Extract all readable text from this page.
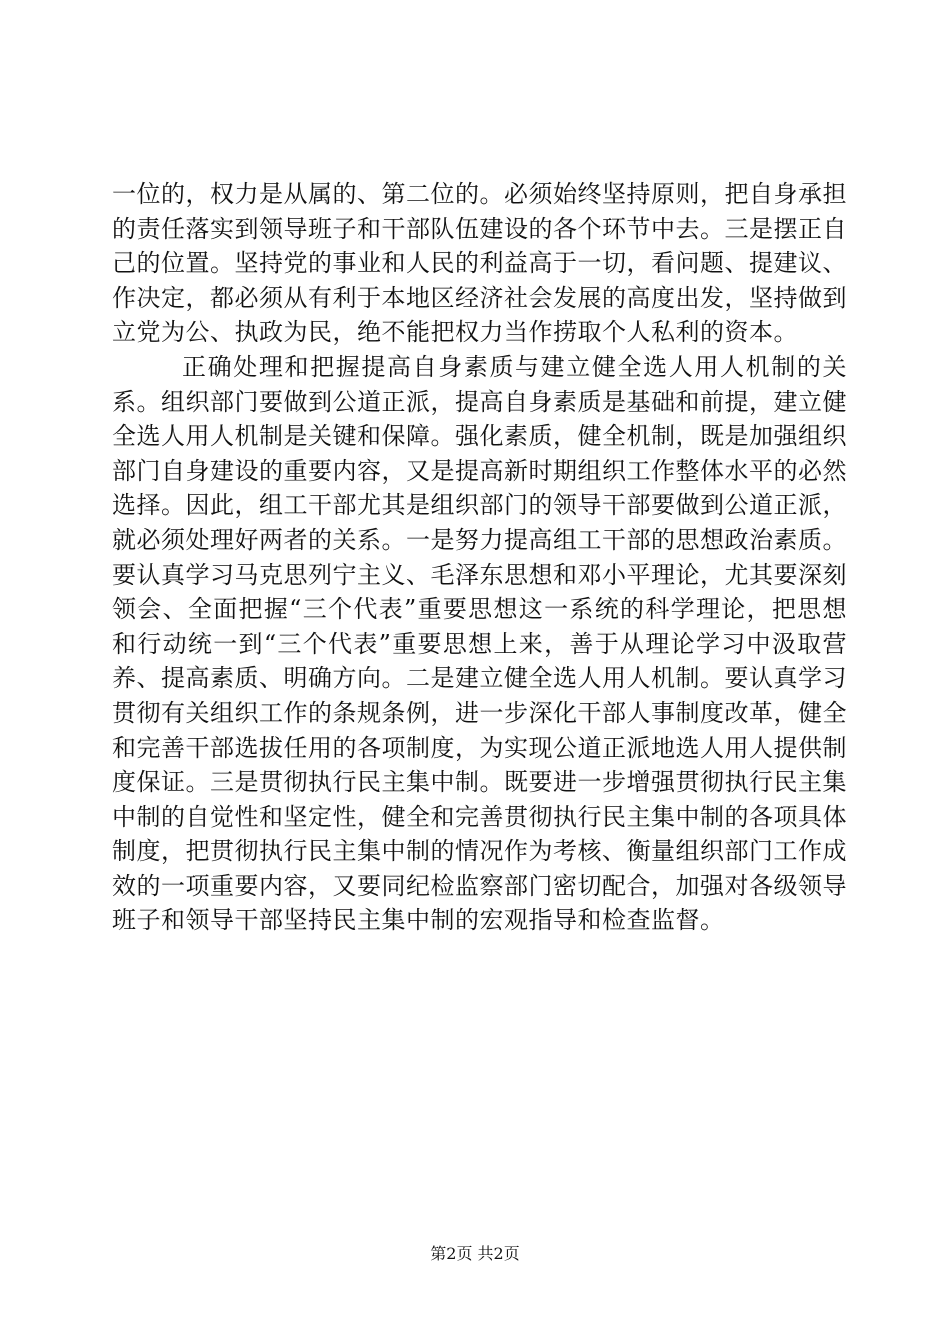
一位的，权力是从属的、第二位的。必须始终坚持原则，把自身承担的责任落实到领导班子和干部队伍建设的各个环节中去。三是摆正自己的位置。坚持党的事业和人民的利益高于一切，看问题、提建议、作决定，都必须从有利于本地区经济社会发展的高度出发，坚持做到立党为公、执政为民，绝不能把权力当作捞取个人私利的资本。

正确处理和把握提高自身素质与建立健全选人用人机制的关系。组织部门要做到公道正派，提高自身素质是基础和前提，建立健全选人用人机制是关键和保障。强化素质，健全机制，既是加强组织部门自身建设的重要内容，又是提高新时期组织工作整体水平的必然选择。因此，组工干部尤其是组织部门的领导干部要做到公道正派，就必须处理好两者的关系。一是努力提高组工干部的思想政治素质。要认真学习马克思列宁主义、毛泽东思想和邓小平理论，尤其要深刻领会、全面把握“三个代表”重要思想这一系统的科学理论，把思想和行动统一到“三个代表”重要思想上来，善于从理论学习中汲取营养、提高素质、明确方向。二是建立健全选人用人机制。要认真学习贯彻有关组织工作的条规条例，进一步深化干部人事制度改革，健全和完善干部选拔任用的各项制度，为实现公道正派地选人用人提供制度保证。三是贯彻执行民主集中制。既要进一步增强贯彻执行民主集中制的自觉性和坚定性，健全和完善贯彻执行民主集中制的各项具体制度，把贯彻执行民主集中制的情况作为考核、衡量组织部门工作成效的一项重要内容，又要同纪检监察部门密切配合，加强对各级领导班子和领导干部坚持民主集中制的宏观指导和检查监督。

第2页 共2页
